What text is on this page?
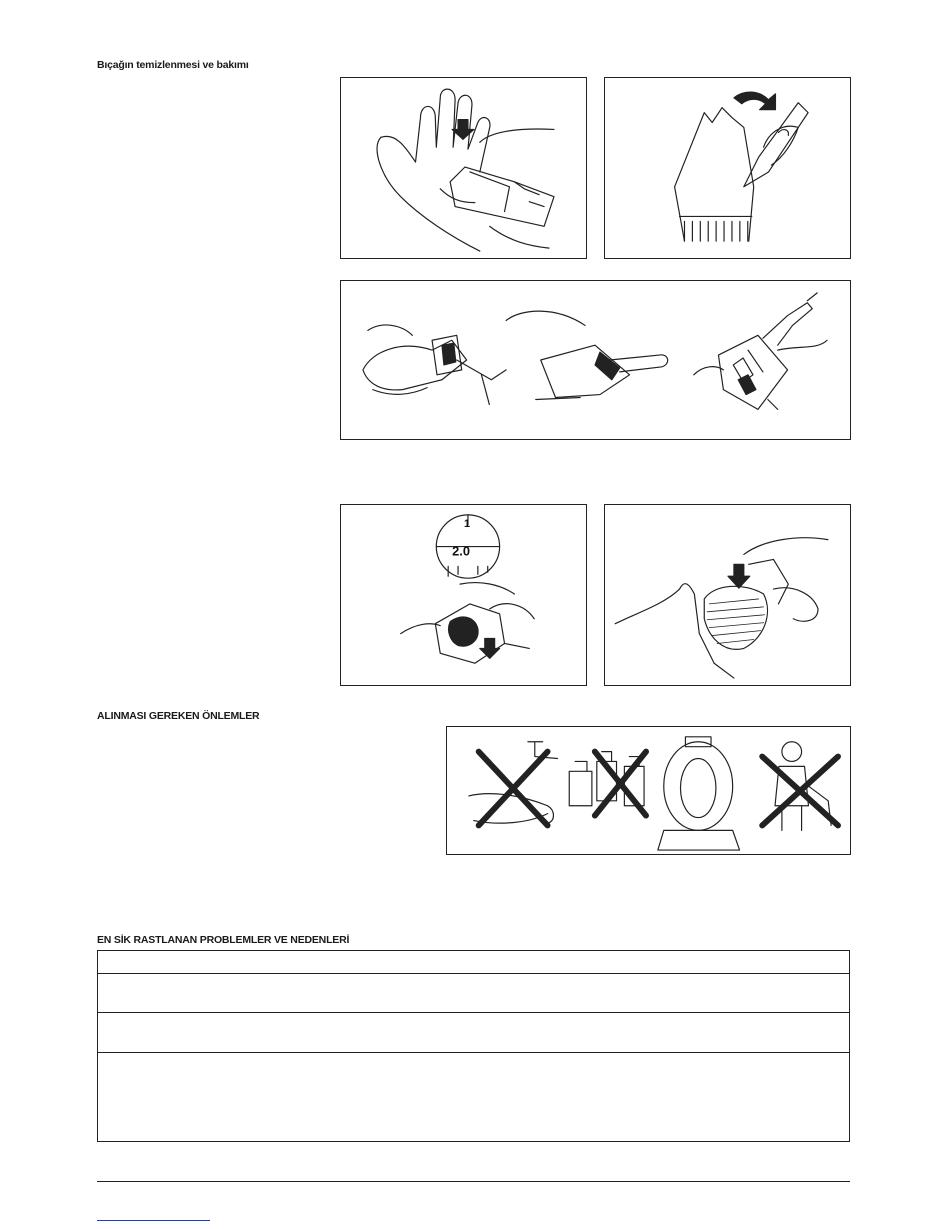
Bıçağın temizlenmesi ve bakımı
1
2.0
ALINMASI GEREKEN ÖNLEMLER
EN SİK RASTLANAN PROBLEMLER VE NEDENLERİ
